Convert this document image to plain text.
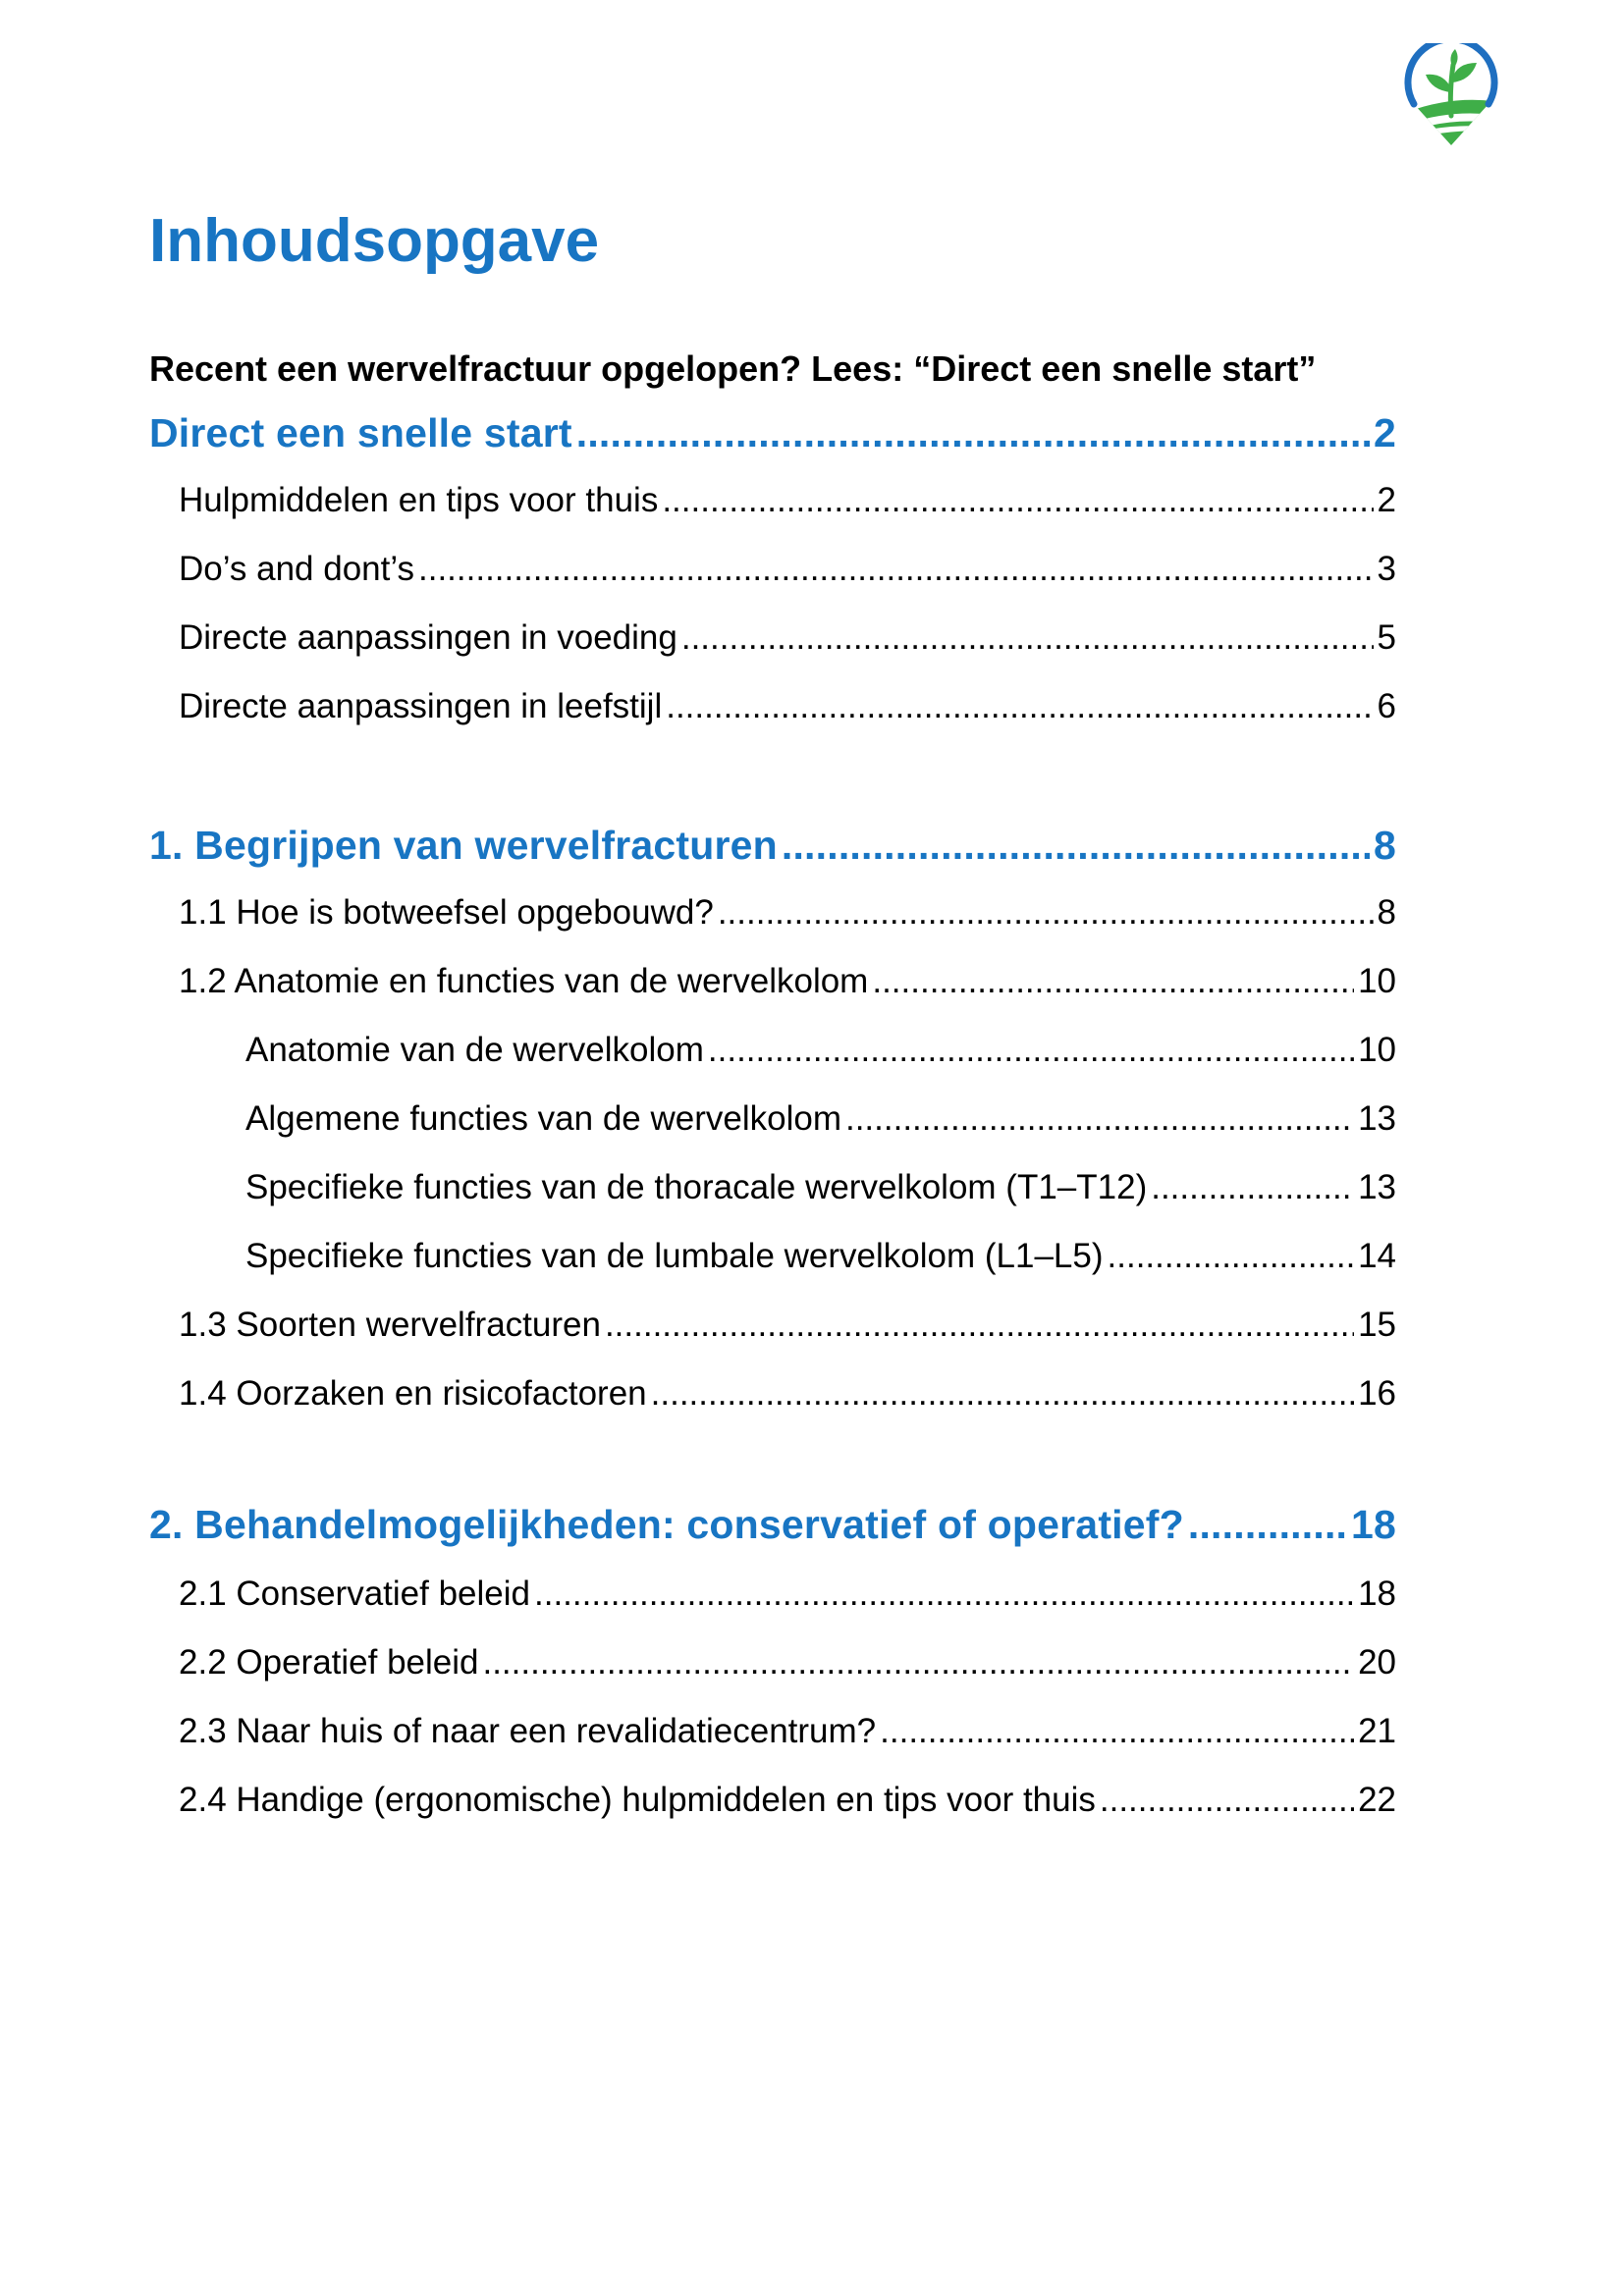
Inhoudsopgave

Recent een wervelfractuur opgelopen? Lees: “Direct een snelle start”

Direct een snelle start .....	2
Hulpmiddelen en tips voor thuis .....	2
Do’s and dont’s .....	3
Directe aanpassingen in voeding .....	5
Directe aanpassingen in leefstijl .....	6
1. Begrijpen van wervelfracturen .....	8
1.1 Hoe is botweefsel opgebouwd? .....	8
1.2 Anatomie en functies van de wervelkolom .....	10
Anatomie van de wervelkolom .....	10
Algemene functies van de wervelkolom .....	13
Specifieke functies van de thoracale wervelkolom (T1–T12) .....	13
Specifieke functies van de lumbale wervelkolom (L1–L5) .....	14
1.3 Soorten wervelfracturen .....	15
1.4 Oorzaken en risicofactoren .....	16
2. Behandelmogelijkheden: conservatief of operatief? .....	18
2.1 Conservatief beleid .....	18
2.2 Operatief beleid .....	20
2.3 Naar huis of naar een revalidatiecentrum? .....	21
2.4 Handige (ergonomische) hulpmiddelen en tips voor thuis .....	22
